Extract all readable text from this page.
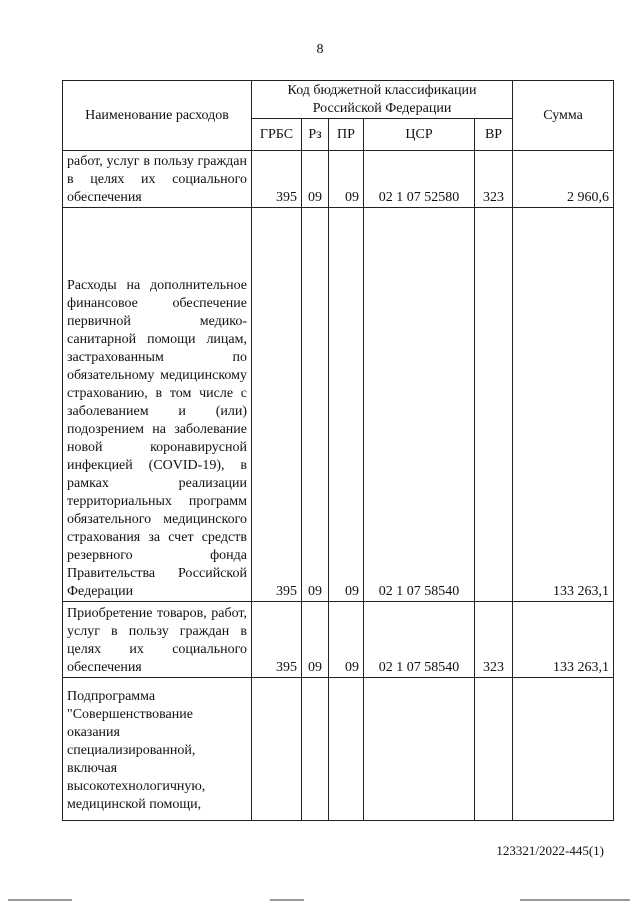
8
Наименование расходов	Код бюджетной классификации Российской Федерации					Сумма
	ГРБС	Рз	ПР	ЦСР	ВР	
работ, услуг в пользу граждан в целях их социального обеспечения	395	09	09	02 1 07 52580	323	2 960,6
Расходы на дополнительное финансовое обеспечение первичной медико-санитарной помощи лицам, застрахованным по обязательному медицинскому страхованию, в том числе с заболеванием и (или) подозрением на заболевание новой коронавирусной инфекцией (COVID-19), в рамках реализации территориальных программ обязательного медицинского страхования за счет средств резервного фонда Правительства Российской Федерации	395	09	09	02 1 07 58540		133 263,1
Приобретение товаров, работ, услуг в пользу граждан в целях их социального обеспечения	395	09	09	02 1 07 58540	323	133 263,1
Подпрограмма "Совершенствование оказания специализированной, включая высокотехнологичную, медицинской помощи,						
123321/2022-445(1)
